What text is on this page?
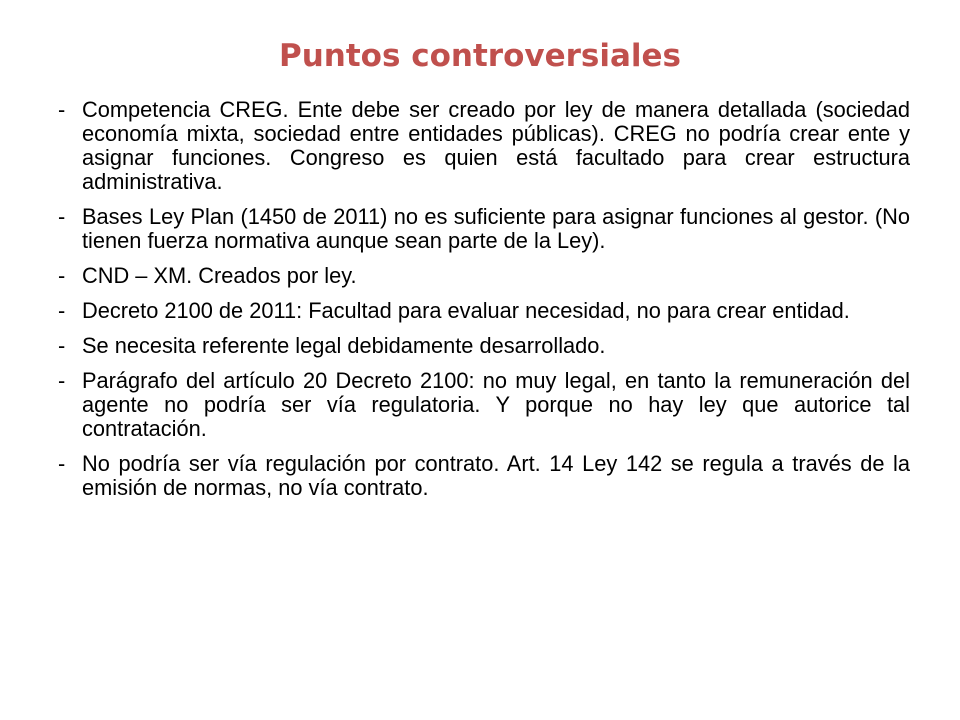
Puntos controversiales
- Competencia CREG. Ente debe ser creado por ley de manera detallada (sociedad economía mixta, sociedad entre entidades públicas). CREG no podría crear ente y asignar funciones. Congreso es quien está facultado para crear estructura administrativa.
- Bases Ley Plan (1450 de 2011) no es suficiente para asignar funciones al gestor. (No tienen fuerza normativa aunque sean parte de la Ley).
- CND – XM. Creados por ley.
- Decreto 2100 de 2011: Facultad para evaluar necesidad, no para crear entidad.
- Se necesita referente legal debidamente desarrollado.
- Parágrafo del artículo 20 Decreto 2100: no muy legal, en tanto la remuneración del agente no podría ser vía regulatoria. Y porque no hay ley que autorice tal contratación.
- No podría ser vía regulación por contrato. Art. 14 Ley 142 se regula a través de la emisión de normas, no vía contrato.
